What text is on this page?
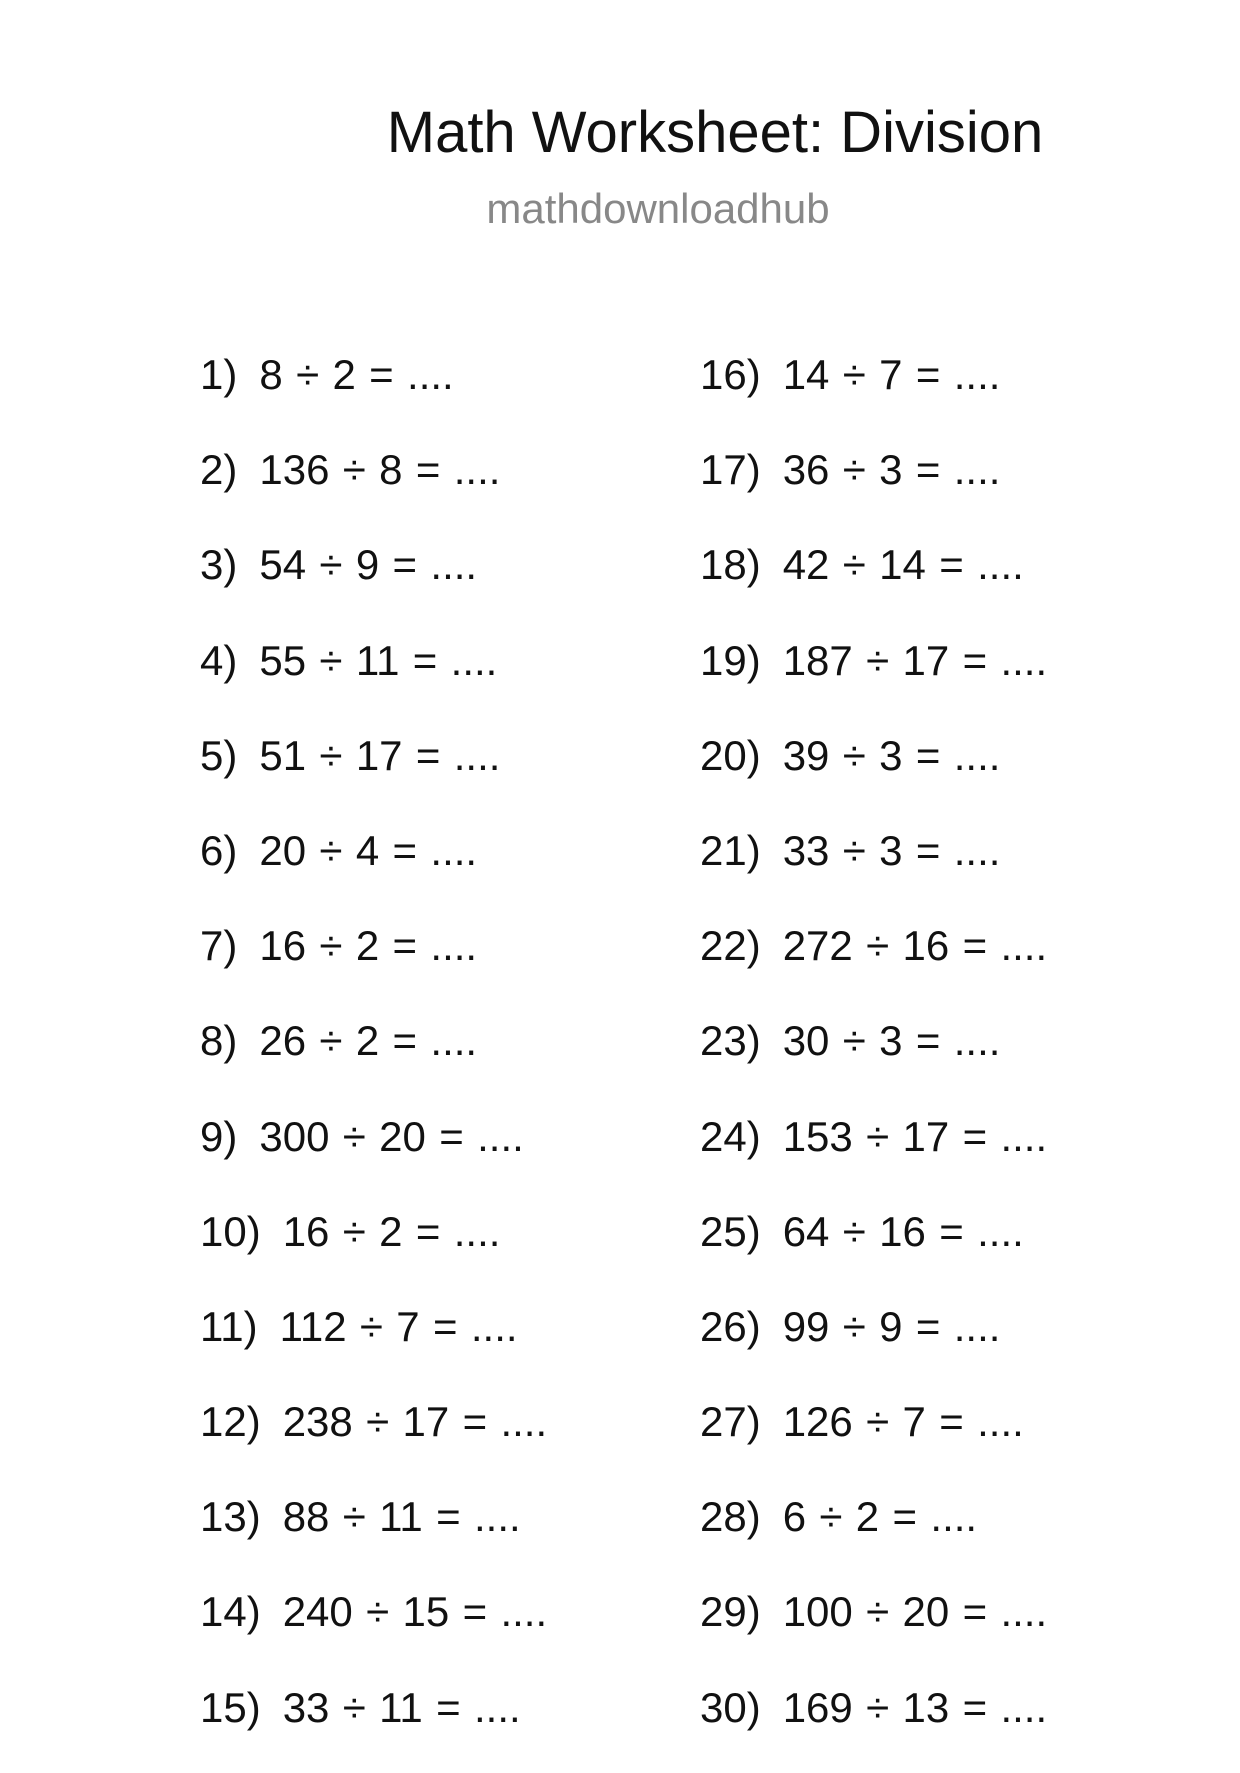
Math Worksheet: Division
mathdownloadhub
1) 8 ÷ 2 = ....
2) 136 ÷ 8 = ....
3) 54 ÷ 9 = ....
4) 55 ÷ 11 = ....
5) 51 ÷ 17 = ....
6) 20 ÷ 4 = ....
7) 16 ÷ 2 = ....
8) 26 ÷ 2 = ....
9) 300 ÷ 20 = ....
10) 16 ÷ 2 = ....
11) 112 ÷ 7 = ....
12) 238 ÷ 17 = ....
13) 88 ÷ 11 = ....
14) 240 ÷ 15 = ....
15) 33 ÷ 11 = ....
16) 14 ÷ 7 = ....
17) 36 ÷ 3 = ....
18) 42 ÷ 14 = ....
19) 187 ÷ 17 = ....
20) 39 ÷ 3 = ....
21) 33 ÷ 3 = ....
22) 272 ÷ 16 = ....
23) 30 ÷ 3 = ....
24) 153 ÷ 17 = ....
25) 64 ÷ 16 = ....
26) 99 ÷ 9 = ....
27) 126 ÷ 7 = ....
28) 6 ÷ 2 = ....
29) 100 ÷ 20 = ....
30) 169 ÷ 13 = ....
